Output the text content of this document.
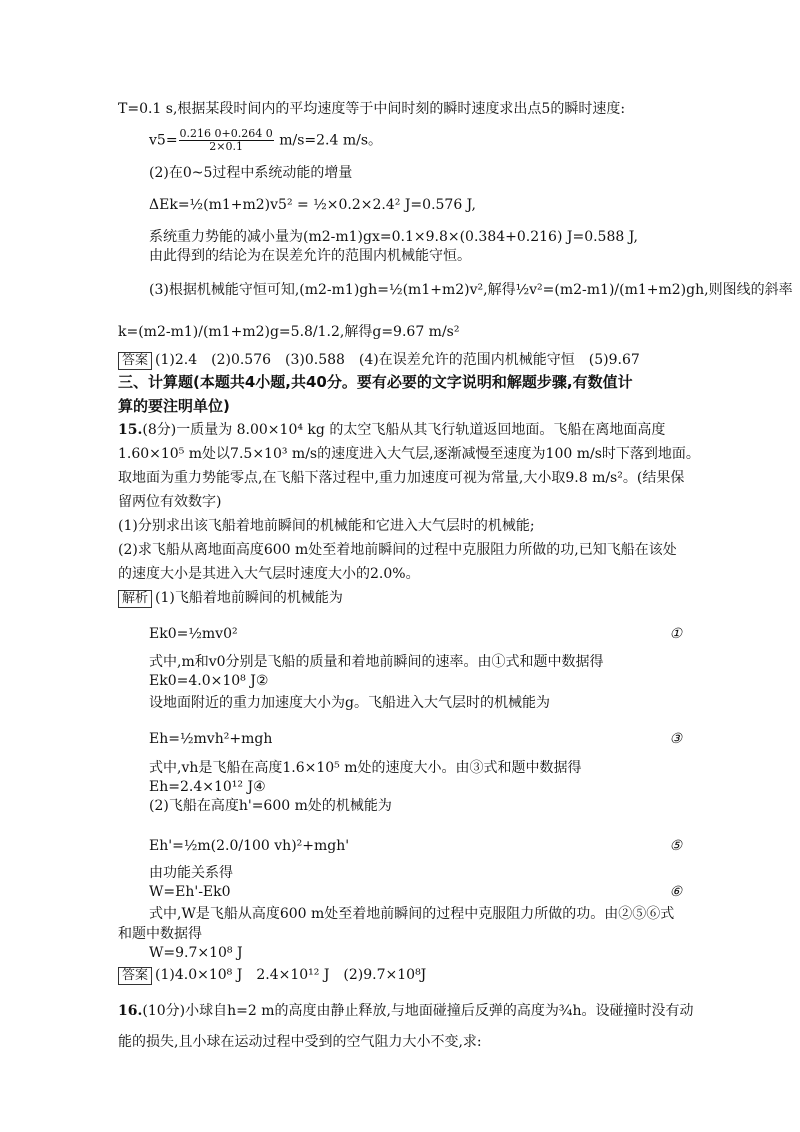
T=0.1 s,根据某段时间内的平均速度等于中间时刻的瞬时速度求出点5的瞬时速度:
$v5= \frac{0.216 0+0.264 0}{2\times 0.1} m/s=2.4$ m/s。
(2)在0~5过程中系统动能的增量
ΔEk=½(m1+m2)v5² = ½×0.2×2.4² J=0.576 J,
系统重力势能的减小量为(m2-m1)gx=0.1×9.8×(0.384+0.216) J=0.588 J,
由此得到的结论为在误差允许的范围内机械能守恒。
(3)根据机械能守恒可知,(m2-m1)gh=½(m1+m2)v²,解得½v²=(m2-m1)/(m1+m2)gh,则图线的斜率
k=(m2-m1)/(m1+m2)g=5.8/1.2,解得g=9.67 m/s²
答案 (1)2.4　(2)0.576　(3)0.588　(4)在误差允许的范围内机械能守恒　(5)9.67
三、计算题(本题共4小题,共40分。要有必要的文字说明和解题步骤,有数值计
算的要注明单位)
15.(8分)一质量为 8.00×10⁴ kg 的太空飞船从其飞行轨道返回地面。飞船在离地面高度
1.60×10⁵ m处以7.5×10³ m/s的速度进入大气层,逐渐减慢至速度为100 m/s时下落到地面。
取地面为重力势能零点,在飞船下落过程中,重力加速度可视为常量,大小取9.8 m/s²。(结果保
留两位有效数字)
(1)分别求出该飞船着地前瞬间的机械能和它进入大气层时的机械能;
(2)求飞船从离地面高度600 m处至着地前瞬间的过程中克服阻力所做的功,已知飞船在该处
的速度大小是其进入大气层时速度大小的2.0%。
解析 (1)飞船着地前瞬间的机械能为
Ek0=½mv0²	①
式中,m和v0分别是飞船的质量和着地前瞬间的速率。由①式和题中数据得
Ek0=4.0×10⁸ J②
设地面附近的重力加速度大小为g。飞船进入大气层时的机械能为
Eh=½mvh²+mgh	③
式中,vh是飞船在高度1.6×10⁵ m处的速度大小。由③式和题中数据得
Eh=2.4×10¹² J④
(2)飞船在高度h'=600 m处的机械能为
Eh'=½m(2.0/100 vh)²+mgh'	⑤
由功能关系得
W=Eh'-Ek0	⑥
式中,W是飞船从高度600 m处至着地前瞬间的过程中克服阻力所做的功。由②⑤⑥式
和题中数据得
W=9.7×10⁸ J
答案 (1)4.0×10⁸ J　2.4×10¹² J　(2)9.7×10⁸J
16.(10分)小球自h=2 m的高度由静止释放,与地面碰撞后反弹的高度为¾h。设碰撞时没有动
能的损失,且小球在运动过程中受到的空气阻力大小不变,求:
